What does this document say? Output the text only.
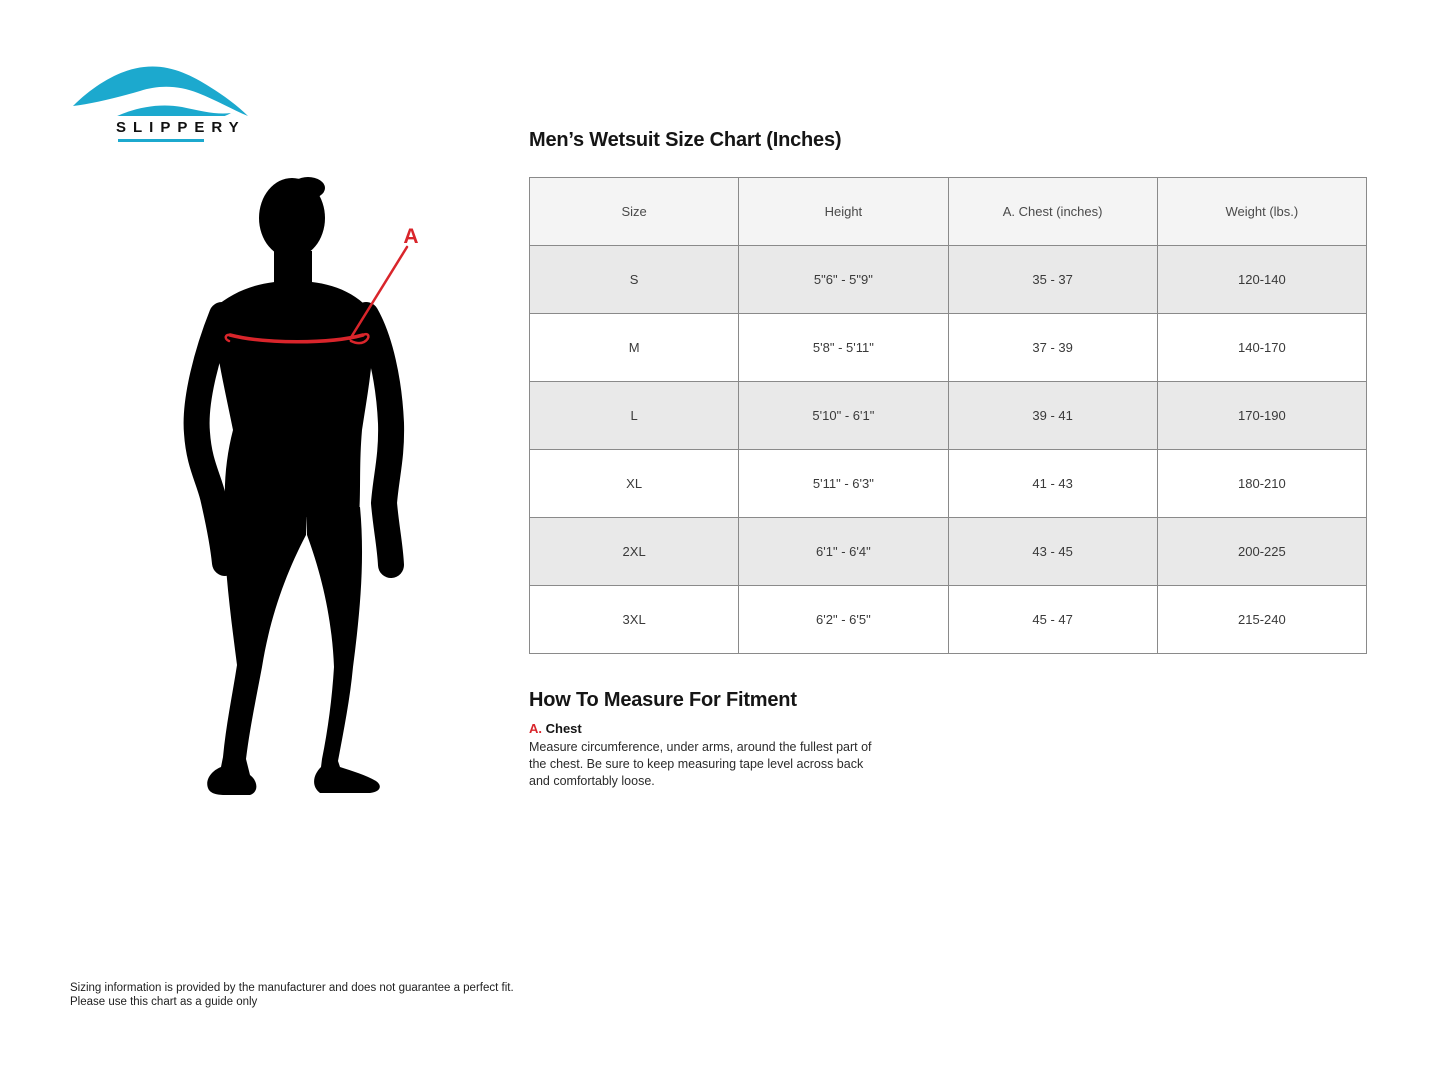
SLIPPERY
A
Men’s Wetsuit Size Chart (Inches)
Size	Height	A. Chest (inches)	Weight (lbs.)
S	5"6" - 5"9"	35 - 37	120-140
M	5'8" - 5'11"	37 - 39	140-170
L	5'10" - 6'1"	39 - 41	170-190
XL	5'11" - 6'3"	41 - 43	180-210
2XL	6'1" - 6'4"	43 - 45	200-225
3XL	6'2" - 6'5"	45 - 47	215-240
How To Measure For Fitment
A. Chest
Measure circumference, under arms, around the fullest part of the chest. Be sure to keep measuring tape level across back and comfortably loose.
Sizing information is provided by the manufacturer and does not guarantee a perfect fit.
Please use this chart as a guide only
